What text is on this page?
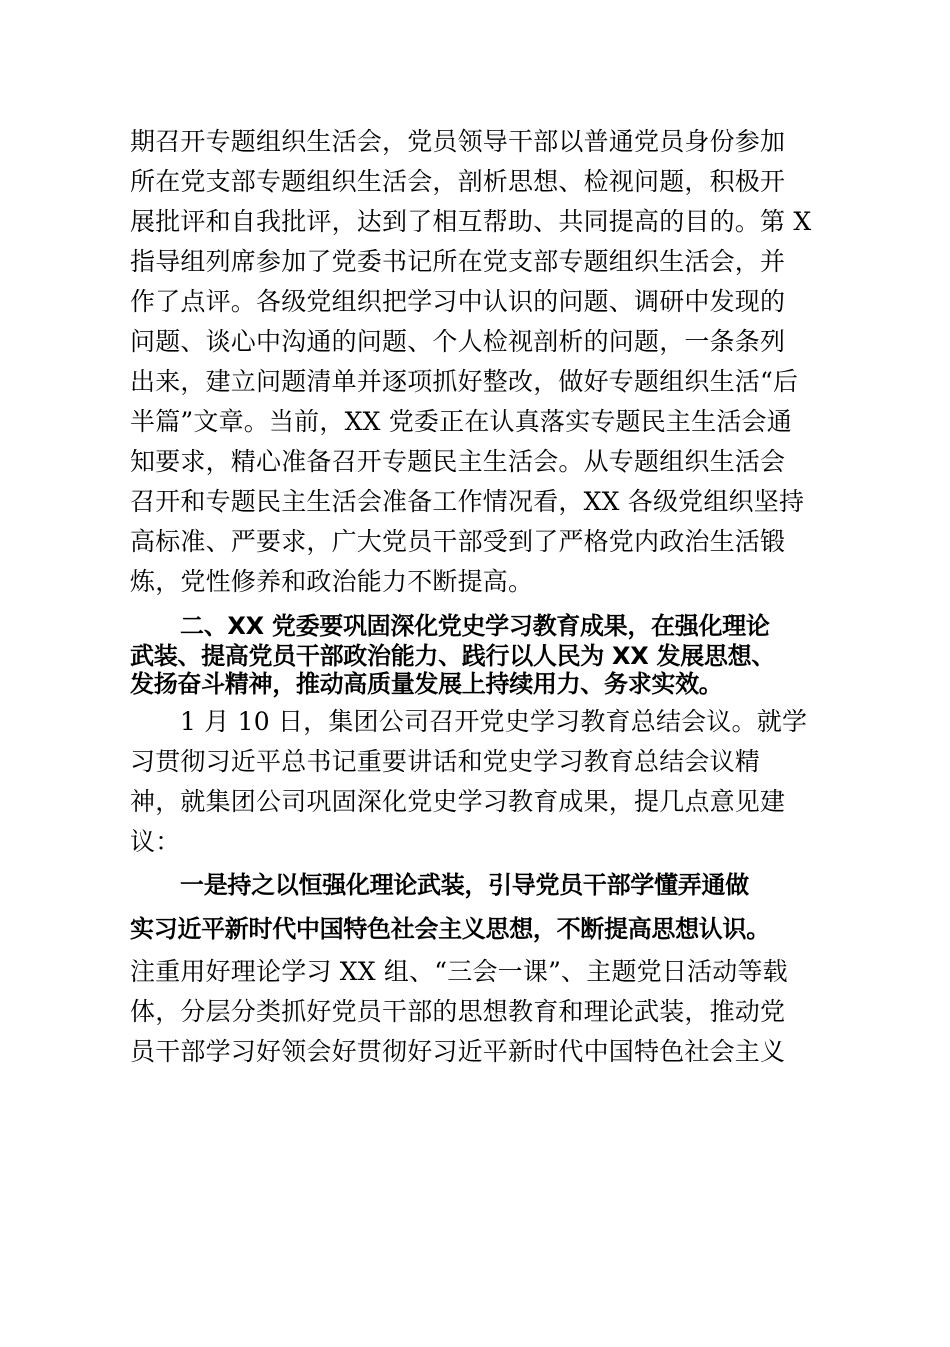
期召开专题组织生活会，党员领导干部以普通党员身份参加
所在党支部专题组织生活会，剖析思想、检视问题，积极开
展批评和自我批评，达到了相互帮助、共同提高的目的。第 X
指导组列席参加了党委书记所在党支部专题组织生活会，并
作了点评。各级党组织把学习中认识的问题、调研中发现的
问题、谈心中沟通的问题、个人检视剖析的问题，一条条列
出来，建立问题清单并逐项抓好整改，做好专题组织生活“后
半篇”文章。当前，XX 党委正在认真落实专题民主生活会通
知要求，精心准备召开专题民主生活会。从专题组织生活会
召开和专题民主生活会准备工作情况看，XX 各级党组织坚持
高标准、严要求，广大党员干部受到了严格党内政治生活锻
炼，党性修养和政治能力不断提高。
二、XX 党委要巩固深化党史学习教育成果，在强化理论
武装、提高党员干部政治能力、践行以人民为 XX 发展思想、
发扬奋斗精神，推动高质量发展上持续用力、务求实效。
1 月 10 日，集团公司召开党史学习教育总结会议。就学
习贯彻习近平总书记重要讲话和党史学习教育总结会议精
神，就集团公司巩固深化党史学习教育成果，提几点意见建
议：
一是持之以恒强化理论武装，引导党员干部学懂弄通做
实习近平新时代中国特色社会主义思想，不断提高思想认识。
注重用好理论学习 XX 组、“三会一课”、主题党日活动等载
体，分层分类抓好党员干部的思想教育和理论武装，推动党
员干部学习好领会好贯彻好习近平新时代中国特色社会主义
